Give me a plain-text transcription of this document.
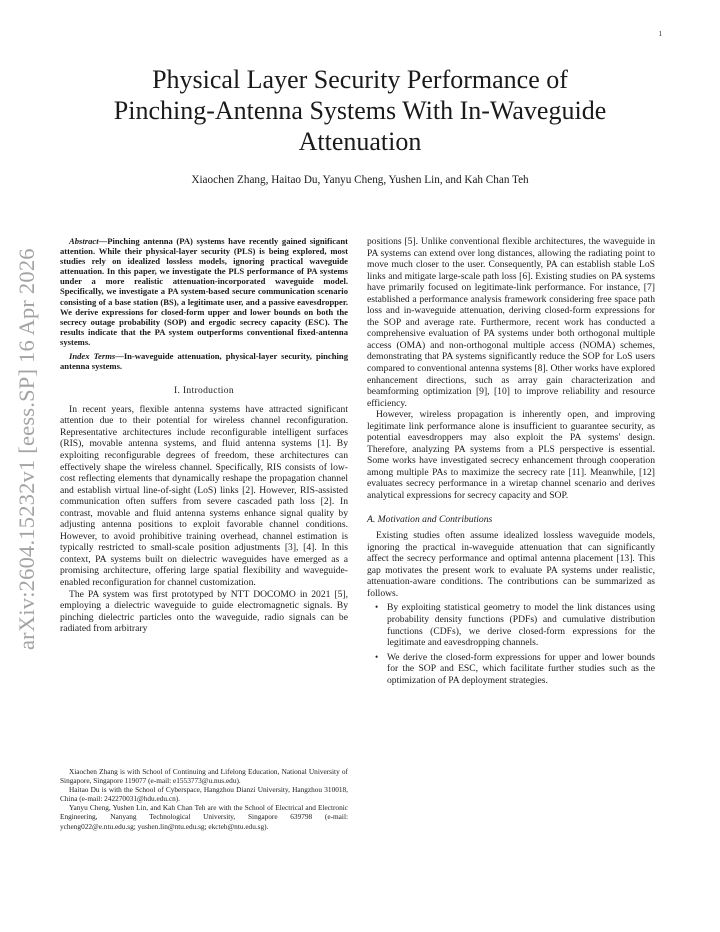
1
arXiv:2604.15232v1 [eess.SP] 16 Apr 2026
Physical Layer Security Performance of
Pinching-Antenna Systems With In-Waveguide
Attenuation
Xiaochen Zhang, Haitao Du, Yanyu Cheng, Yushen Lin, and Kah Chan Teh

Abstract—Pinching antenna (PA) systems have recently gained significant attention. While their physical-layer security (PLS) is being explored, most studies rely on idealized lossless models, ignoring practical waveguide attenuation. In this paper, we investigate the PLS performance of PA systems under a more realistic attenuation-incorporated waveguide model. Specifically, we investigate a PA system-based secure communication scenario consisting of a base station (BS), a legitimate user, and a passive eavesdropper. We derive expressions for closed-form upper and lower bounds on both the secrecy outage probability (SOP) and ergodic secrecy capacity (ESC). The results indicate that the PA system outperforms conventional fixed-antenna systems.

Index Terms—In-waveguide attenuation, physical-layer security, pinching antenna systems.

I. Introduction

In recent years, flexible antenna systems have attracted significant attention due to their potential for wireless channel reconfiguration. Representative architectures include reconfigurable intelligent surfaces (RIS), movable antenna systems, and fluid antenna systems [1]. By exploiting reconfigurable degrees of freedom, these architectures can effectively shape the wireless channel. Specifically, RIS consists of low-cost reflecting elements that dynamically reshape the propagation channel and establish virtual line-of-sight (LoS) links [2]. However, RIS-assisted communication often suffers from severe cascaded path loss [2]. In contrast, movable and fluid antenna systems enhance signal quality by adjusting antenna positions to exploit favorable channel conditions. However, to avoid prohibitive training overhead, channel estimation is typically restricted to small-scale position adjustments [3], [4]. In this context, PA systems built on dielectric waveguides have emerged as a promising architecture, offering large spatial flexibility and waveguide-enabled reconfiguration for channel customization.

The PA system was first prototyped by NTT DOCOMO in 2021 [5], employing a dielectric waveguide to guide electromagnetic signals. By pinching dielectric particles onto the waveguide, radio signals can be radiated from arbitrary

Xiaochen Zhang is with School of Continuing and Lifelong Education, National University of Singapore, Singapore 119077 (e-mail: e1553773@u.nus.edu).

Haitao Du is with the School of Cyberspace, Hangzhou Dianzi University, Hangzhou 310018, China (e-mail: 242270031@hdu.edu.cn).

Yanyu Cheng, Yushen Lin, and Kah Chan Teh are with the School of Electrical and Electronic Engineering, Nanyang Technological University, Singapore 639798 (e-mail: ycheng022@e.ntu.edu.sg; yushen.lin@ntu.edu.sg; ekcteh@ntu.edu.sg).

positions [5]. Unlike conventional flexible architectures, the waveguide in PA systems can extend over long distances, allowing the radiating point to move much closer to the user. Consequently, PA can establish stable LoS links and mitigate large-scale path loss [6]. Existing studies on PA systems have primarily focused on legitimate-link performance. For instance, [7] established a performance analysis framework considering free space path loss and in-waveguide attenuation, deriving closed-form expressions for the SOP and average rate. Furthermore, recent work has conducted a comprehensive evaluation of PA systems under both orthogonal multiple access (OMA) and non-orthogonal multiple access (NOMA) schemes, demonstrating that PA systems significantly reduce the SOP for LoS users compared to conventional antenna systems [8]. Other works have explored enhancement directions, such as array gain characterization and beamforming optimization [9], [10] to improve reliability and resource efficiency.

However, wireless propagation is inherently open, and improving legitimate link performance alone is insufficient to guarantee security, as potential eavesdroppers may also exploit the PA systems' design. Therefore, analyzing PA systems from a PLS perspective is essential. Some works have investigated secrecy enhancement through cooperation among multiple PAs to maximize the secrecy rate [11]. Meanwhile, [12] evaluates secrecy performance in a wiretap channel scenario and derives analytical expressions for secrecy capacity and SOP.

A. Motivation and Contributions

Existing studies often assume idealized lossless waveguide models, ignoring the practical in-waveguide attenuation that can significantly affect the secrecy performance and optimal antenna placement [13]. This gap motivates the present work to evaluate PA systems under realistic, attenuation-aware conditions. The contributions can be summarized as follows.

• By exploiting statistical geometry to model the link distances using probability density functions (PDFs) and cumulative distribution functions (CDFs), we derive closed-form expressions for the legitimate and eavesdropping channels.
• We derive the closed-form expressions for upper and lower bounds for the SOP and ESC, which facilitate further studies such as the optimization of PA deployment strategies.
